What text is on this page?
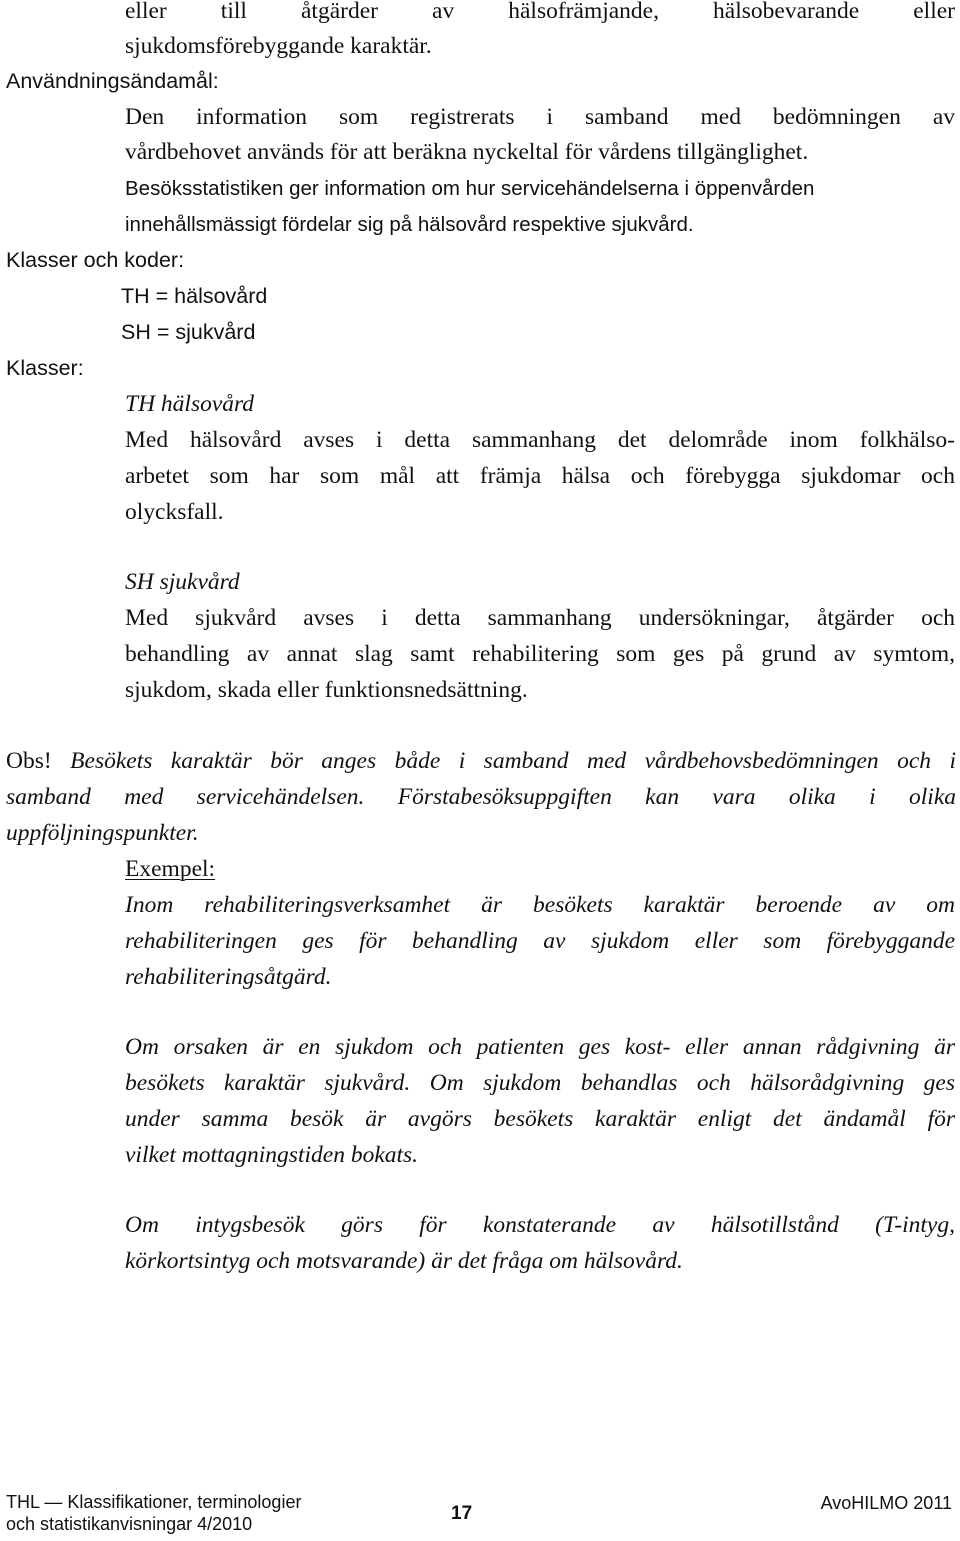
eller till åtgärder av hälsofrämjande, hälsobevarande eller
sjukdomsförebyggande karaktär.
Användningsändamål:
Den information som registrerats i samband med bedömningen av
vårdbehovet används för att beräkna nyckeltal för vårdens tillgänglighet.
Besöksstatistiken ger information om hur servicehändelserna i öppenvården
innehållsmässigt fördelar sig på hälsovård respektive sjukvård.
Klasser och koder:
TH = hälsovård
SH = sjukvård
Klasser:
TH hälsovård
Med hälsovård avses i detta sammanhang det delområde inom folkhälso-
arbetet som har som mål att främja hälsa och förebygga sjukdomar och
olycksfall.
SH sjukvård
Med sjukvård avses i detta sammanhang undersökningar, åtgärder och
behandling av annat slag samt rehabilitering som ges på grund av symtom,
sjukdom, skada eller funktionsnedsättning.
Obs! Besökets karaktär bör anges både i samband med vårdbehovsbedömningen och i
samband med servicehändelsen. Förstabesöksuppgiften kan vara olika i olika
uppföljningspunkter.
Exempel:
Inom rehabiliteringsverksamhet är besökets karaktär beroende av om
rehabiliteringen ges för behandling av sjukdom eller som förebyggande
rehabiliteringsåtgärd.
Om orsaken är en sjukdom och patienten ges kost- eller annan rådgivning är
besökets karaktär sjukvård. Om sjukdom behandlas och hälsorådgivning ges
under samma besök är avgörs besökets karaktär enligt det ändamål för
vilket mottagningstiden bokats.
Om intygsbesök görs för konstaterande av hälsotillstånd (T-intyg,
körkortsintyg och motsvarande) är det fråga om hälsovård.
THL — Klassifikationer, terminologier
och statistikanvisningar 4/2010	17	AvoHILMO 2011
